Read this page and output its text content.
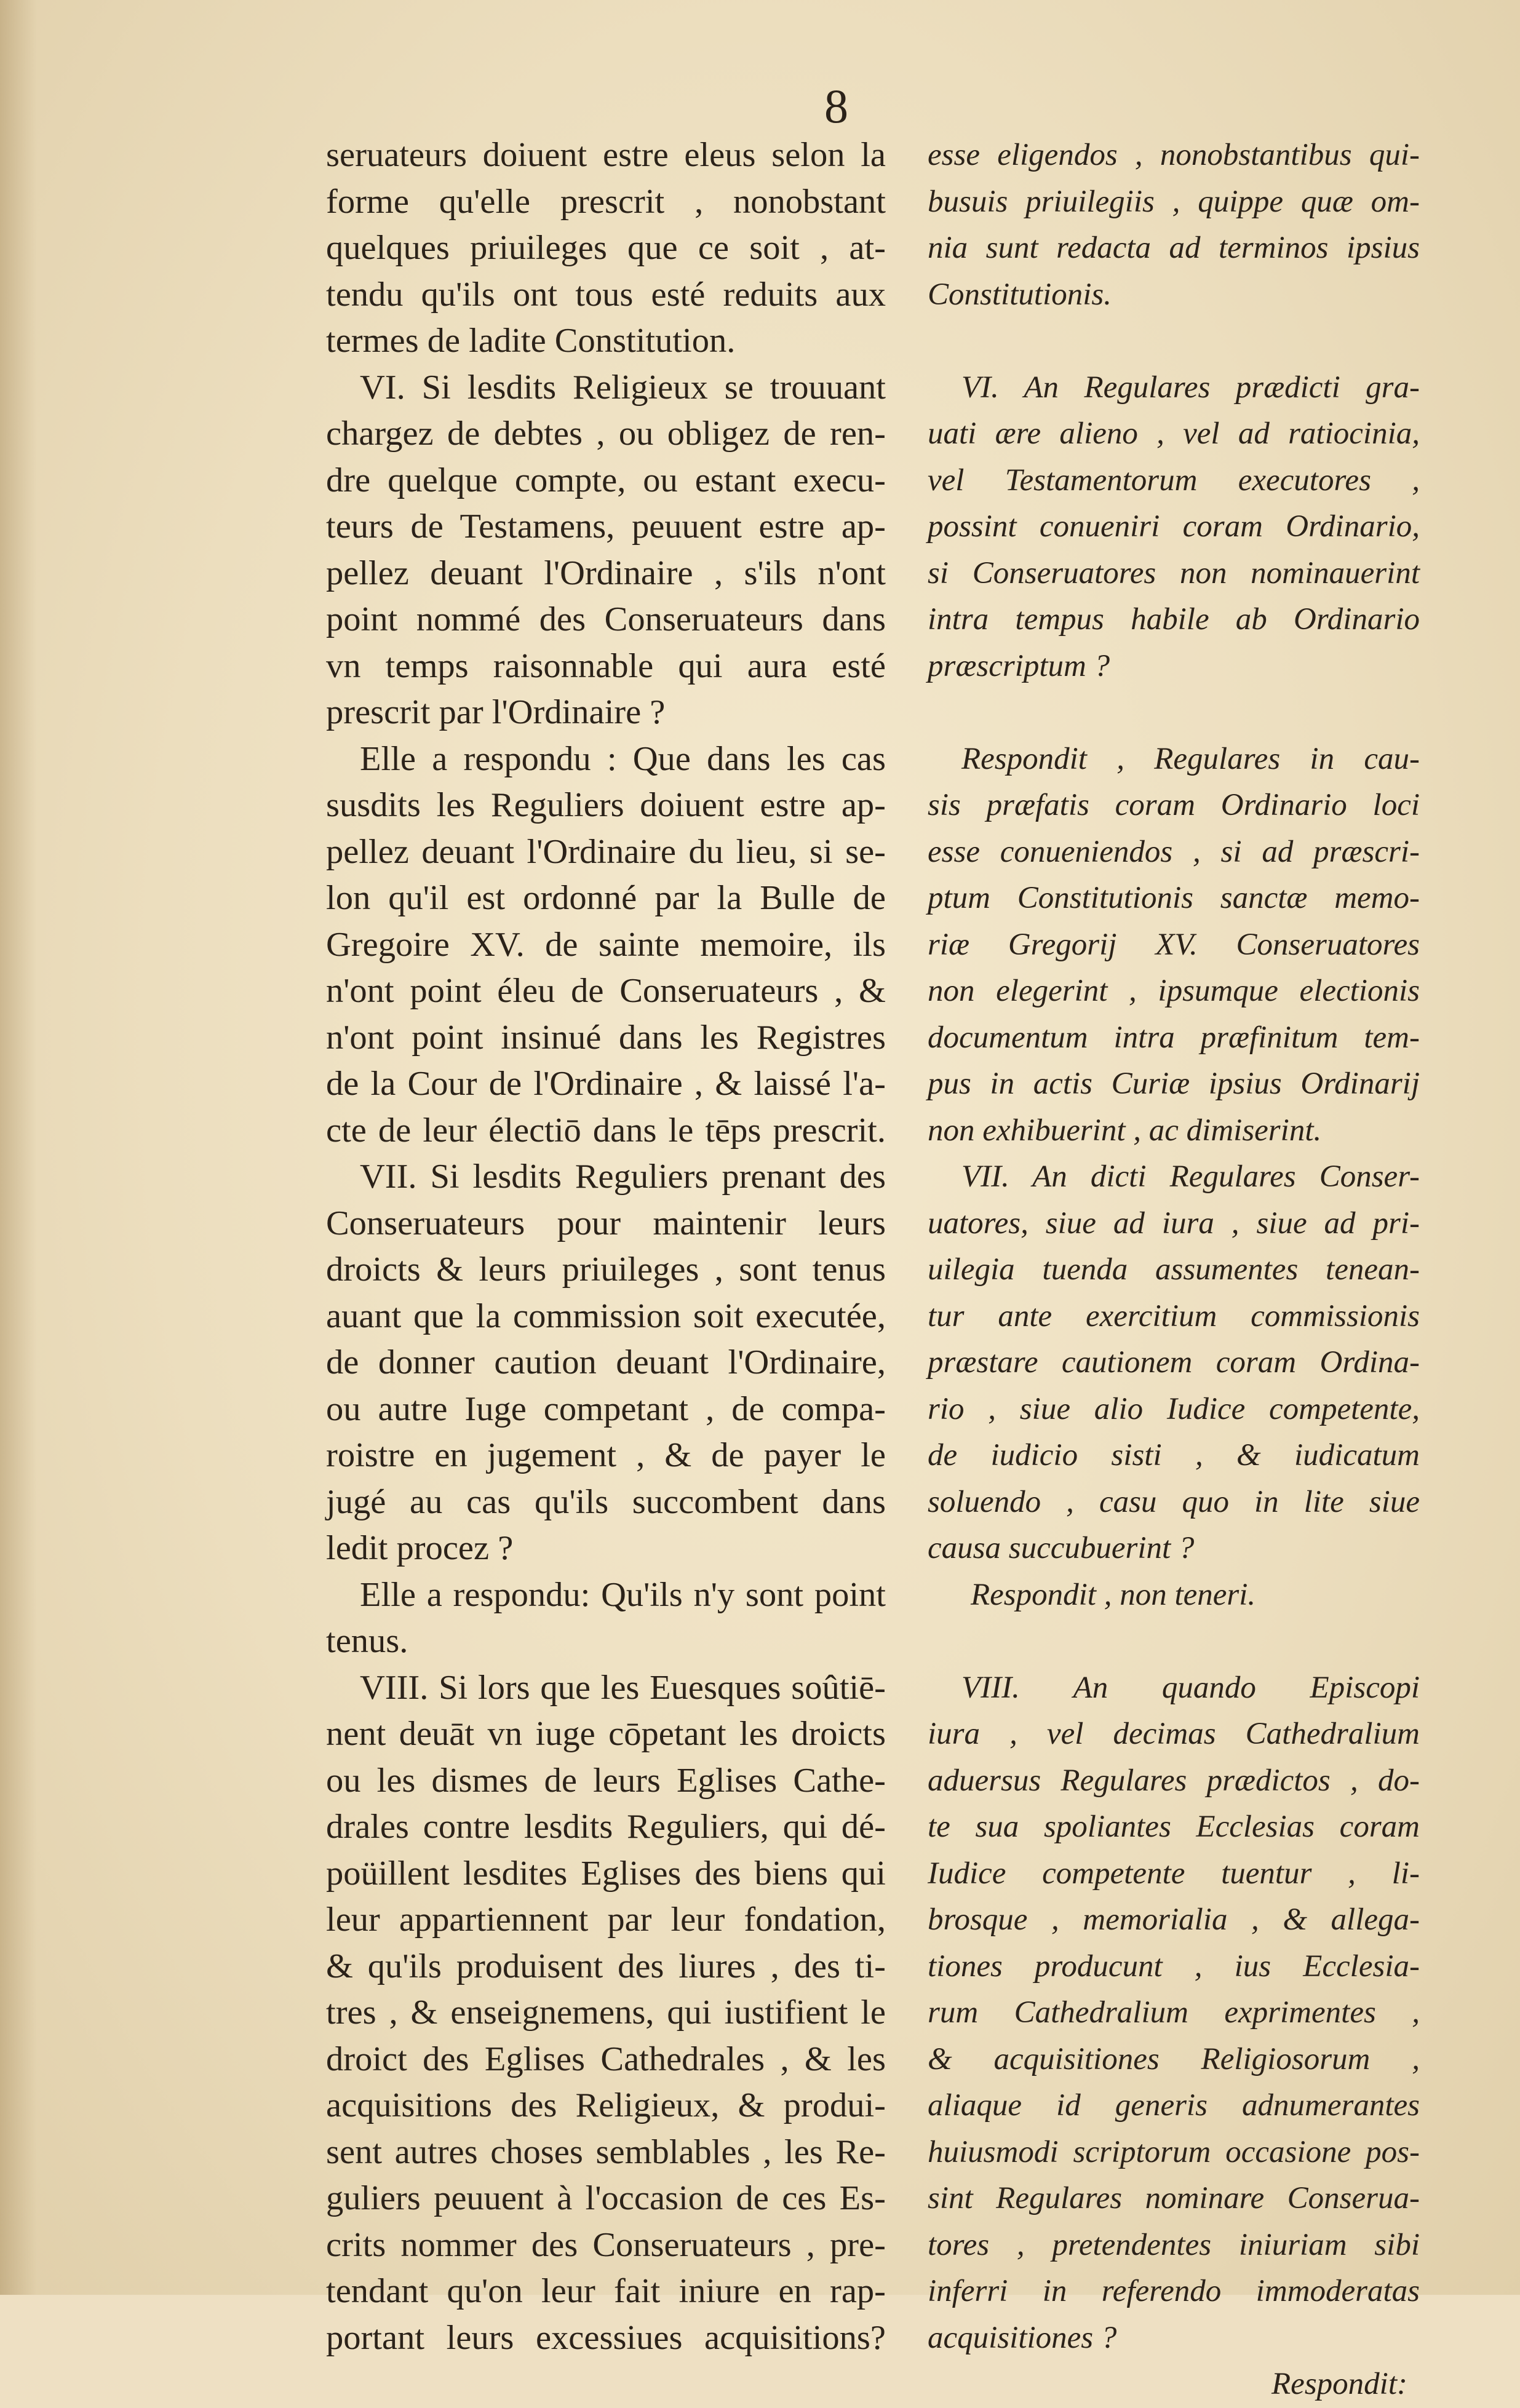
8
seruateurs doiuent estre eleus selon la
forme qu'elle prescrit , nonobstant
quelques priuileges que ce soit , at-
tendu qu'ils ont tous esté reduits aux
termes de ladite Constitution.
VI. Si lesdits Religieux se trouuant
chargez de debtes , ou obligez de ren-
dre quelque compte, ou estant execu-
teurs de Testamens, peuuent estre ap-
pellez deuant l'Ordinaire , s'ils n'ont
point nommé des Conseruateurs dans
vn temps raisonnable qui aura esté
prescrit par l'Ordinaire ?
Elle a respondu : Que dans les cas
susdits les Reguliers doiuent estre ap-
pellez deuant l'Ordinaire du lieu, si se-
lon qu'il est ordonné par la Bulle de
Gregoire XV. de sainte memoire, ils
n'ont point éleu de Conseruateurs , &
n'ont point insinué dans les Registres
de la Cour de l'Ordinaire , & laissé l'a-
cte de leur électiō dans le tēps prescrit.
VII. Si lesdits Reguliers prenant des
Conseruateurs pour maintenir leurs
droicts & leurs priuileges , sont tenus
auant que la commission soit executée,
de donner caution deuant l'Ordinaire,
ou autre Iuge competant , de compa-
roistre en jugement , & de payer le
jugé au cas qu'ils succombent dans
ledit procez ?
Elle a respondu: Qu'ils n'y sont point
tenus.
VIII. Si lors que les Euesques soûtiē-
nent deuāt vn iuge cōpetant les droicts
ou les dismes de leurs Eglises Cathe-
drales contre lesdits Reguliers, qui dé-
poüillent lesdites Eglises des biens qui
leur appartiennent par leur fondation,
& qu'ils produisent des liures , des ti-
tres , & enseignemens, qui iustifient le
droict des Eglises Cathedrales , & les
acquisitions des Religieux, & produi-
sent autres choses semblables , les Re-
guliers peuuent à l'occasion de ces Es-
crits nommer des Conseruateurs , pre-
tendant qu'on leur fait iniure en rap-
portant leurs excessiues acquisitions?
esse eligendos , nonobstantibus qui-
busuis priuilegiis , quippe quæ om-
nia sunt redacta ad terminos ipsius
Constitutionis.
VI. An Regulares prædicti gra-
uati ære alieno , vel ad ratiocinia,
vel Testamentorum executores ,
possint conueniri coram Ordinario,
si Conseruatores non nominauerint
intra tempus habile ab Ordinario
præscriptum ?
Respondit , Regulares in cau-
sis præfatis coram Ordinario loci
esse conueniendos , si ad præscri-
ptum Constitutionis sanctæ memo-
riæ Gregorij XV. Conseruatores
non elegerint , ipsumque electionis
documentum intra præfinitum tem-
pus in actis Curiæ ipsius Ordinarij
non exhibuerint , ac dimiserint.
VII. An dicti Regulares Conser-
uatores, siue ad iura , siue ad pri-
uilegia tuenda assumentes tenean-
tur ante exercitium commissionis
præstare cautionem coram Ordina-
rio , siue alio Iudice competente,
de iudicio sisti , & iudicatum
soluendo , casu quo in lite siue
causa succubuerint ?
Respondit , non teneri.
VIII. An quando Episcopi
iura , vel decimas Cathedralium
aduersus Regulares prædictos , do-
te sua spoliantes Ecclesias coram
Iudice competente tuentur , li-
brosque , memorialia , & allega-
tiones producunt , ius Ecclesia-
rum Cathedralium exprimentes ,
& acquisitiones Religiosorum ,
aliaque id generis adnumerantes
huiusmodi scriptorum occasione pos-
sint Regulares nominare Conserua-
tores , pretendentes iniuriam sibi
inferri in referendo immoderatas
acquisitiones ?
Respondit:
